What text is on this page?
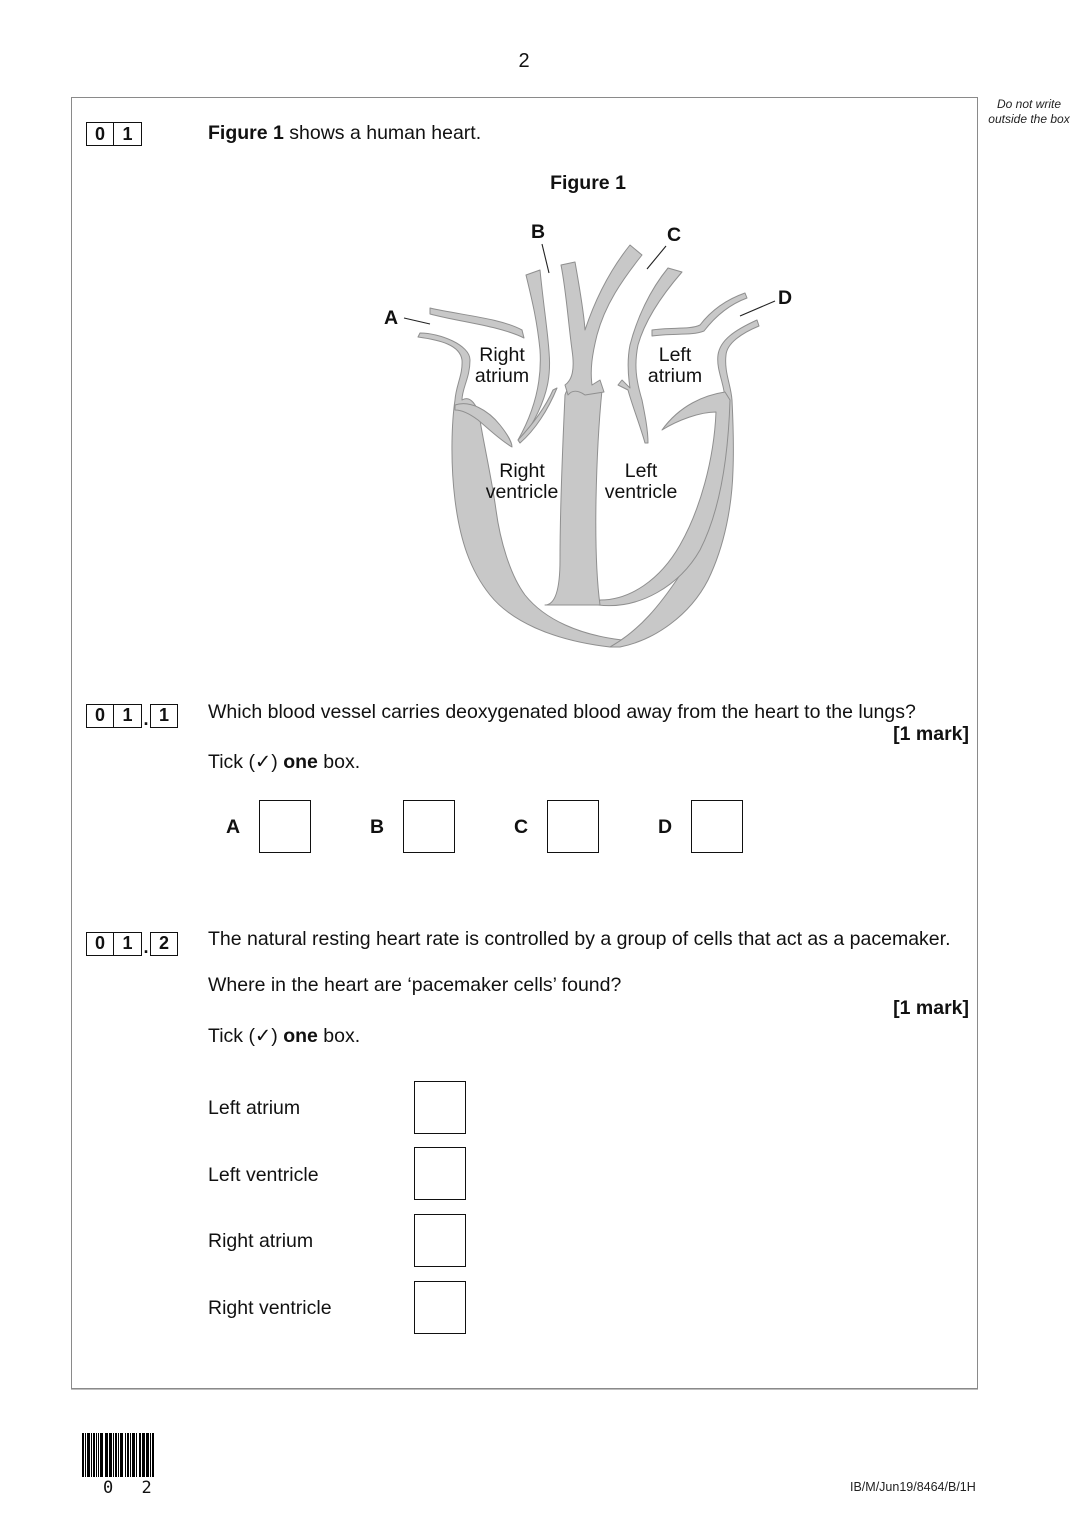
2
Do not write outside the box
0 1	Figure 1 shows a human heart.
Figure 1
A
B	C
D
Right
atrium
Left
atrium
Right
ventricle
Left
ventricle
0 1 . 1	Which blood vessel carries deoxygenated blood away from the heart to the lungs?
[1 mark]
Tick (✓) one box.
A	B	C	D
0 1 . 2	The natural resting heart rate is controlled by a group of cells that act as a pacemaker.
Where in the heart are ‘pacemaker cells’ found?
[1 mark]
Tick (✓) one box.
Left atrium
Left ventricle
Right atrium
Right ventricle
0 2	IB/M/Jun19/8464/B/1H
